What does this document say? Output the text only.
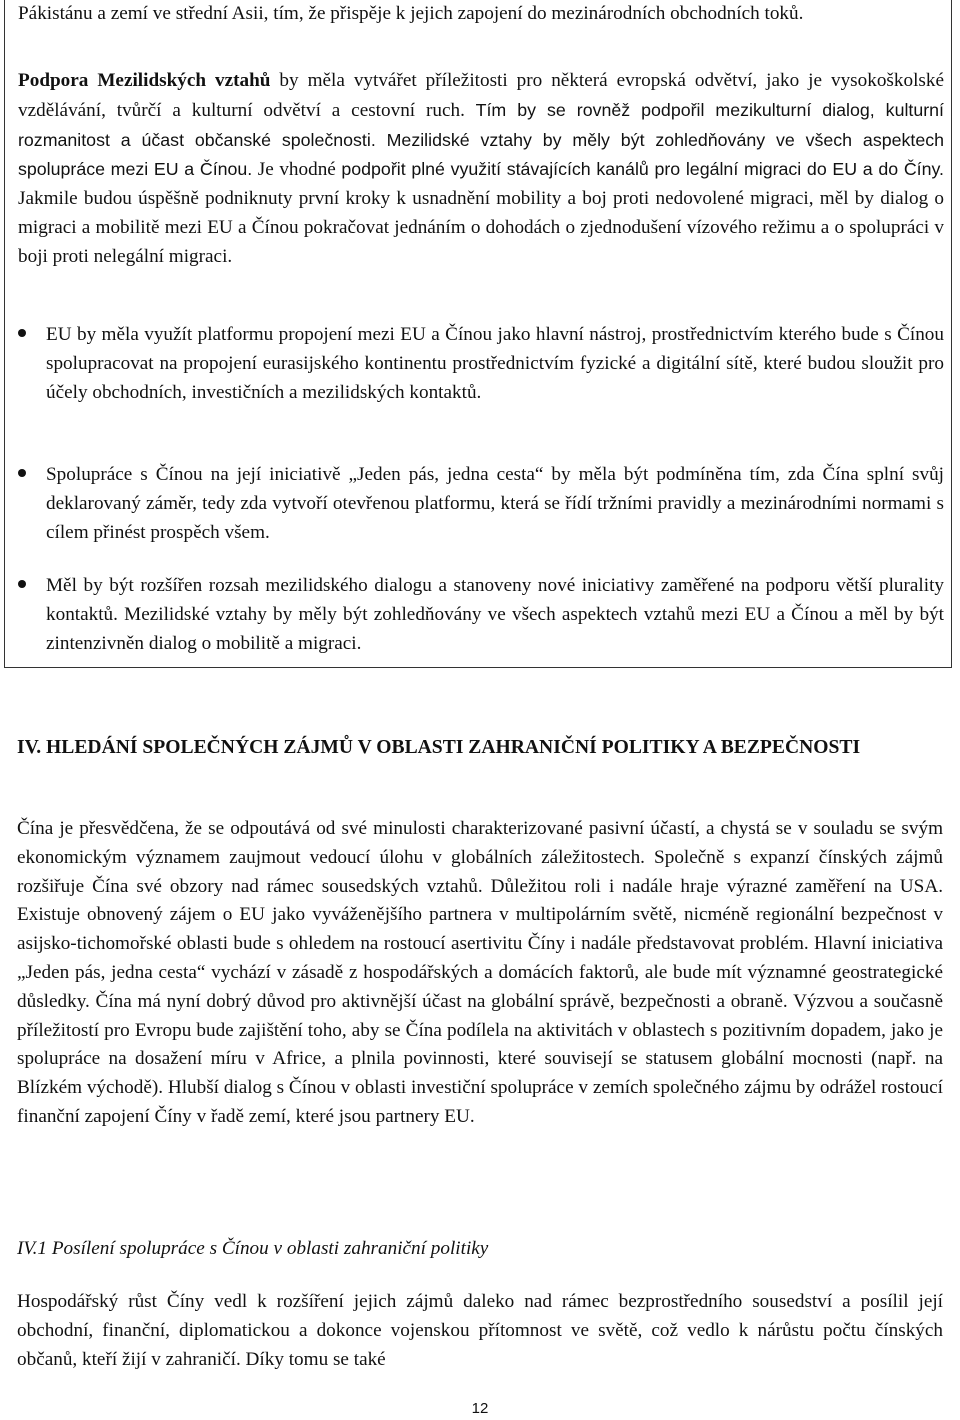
Pákistánu a zemí ve střední Asii, tím, že přispěje k jejich zapojení do mezinárodních obchodních toků.

Podpora Mezilidských vztahů by měla vytvářet příležitosti pro některá evropská odvětví, jako je vysokoškolské vzdělávání, tvůrčí a kulturní odvětví a cestovní ruch. Tím by se rovněž podpořil mezikulturní dialog, kulturní rozmanitost a účast občanské společnosti. Mezilidské vztahy by měly být zohledňovány ve všech aspektech spolupráce mezi EU a Čínou. Je vhodné podpořit plné využití stávajících kanálů pro legální migraci do EU a do Číny. Jakmile budou úspěšně podniknuty první kroky k usnadnění mobility a boj proti nedovolené migraci, měl by dialog o migraci a mobilitě mezi EU a Čínou pokračovat jednáním o dohodách o zjednodušení vízového režimu a o spolupráci v boji proti nelegální migraci.

EU by měla využít platformu propojení mezi EU a Čínou jako hlavní nástroj, prostřednictvím kterého bude s Čínou spolupracovat na propojení eurasijského kontinentu prostřednictvím fyzické a digitální sítě, které budou sloužit pro účely obchodních, investičních a mezilidských kontaktů.

Spolupráce s Čínou na její iniciativě „Jeden pás, jedna cesta“ by měla být podmíněna tím, zda Čína splní svůj deklarovaný záměr, tedy zda vytvoří otevřenou platformu, která se řídí tržními pravidly a mezinárodními normami s cílem přinést prospěch všem.

Měl by být rozšířen rozsah mezilidského dialogu a stanoveny nové iniciativy zaměřené na podporu větší plurality kontaktů. Mezilidské vztahy by měly být zohledňovány ve všech aspektech vztahů mezi EU a Čínou a měl by být zintenzivněn dialog o mobilitě a migraci.

IV. HLEDÁNÍ SPOLEČNÝCH ZÁJMŮ V OBLASTI ZAHRANIČNÍ POLITIKY A BEZPEČNOSTI

Čína je přesvědčena, že se odpoutává od své minulosti charakterizované pasivní účastí, a chystá se v souladu se svým ekonomickým významem zaujmout vedoucí úlohu v globálních záležitostech. Společně s expanzí čínských zájmů rozšiřuje Čína své obzory nad rámec sousedských vztahů. Důležitou roli i nadále hraje výrazné zaměření na USA. Existuje obnovený zájem o EU jako vyváženějšího partnera v multipolárním světě, nicméně regionální bezpečnost v asijsko-tichomořské oblasti bude s ohledem na rostoucí asertivitu Číny i nadále představovat problém. Hlavní iniciativa „Jeden pás, jedna cesta“ vychází v zásadě z hospodářských a domácích faktorů, ale bude mít významné geostrategické důsledky. Čína má nyní dobrý důvod pro aktivnější účast na globální správě, bezpečnosti a obraně. Výzvou a současně příležitostí pro Evropu bude zajištění toho, aby se Čína podílela na aktivitách v oblastech s pozitivním dopadem, jako je spolupráce na dosažení míru v Africe, a plnila povinnosti, které souvisejí se statusem globální mocnosti (např. na Blízkém východě). Hlubší dialog s Čínou v oblasti investiční spolupráce v zemích společného zájmu by odrážel rostoucí finanční zapojení Číny v řadě zemí, které jsou partnery EU.

IV.1 Posílení spolupráce s Čínou v oblasti zahraniční politiky

Hospodářský růst Číny vedl k rozšíření jejich zájmů daleko nad rámec bezprostředního sousedství a posílil její obchodní, finanční, diplomatickou a dokonce vojenskou přítomnost ve světě, což vedlo k nárůstu počtu čínských občanů, kteří žijí v zahraničí. Díky tomu se také

12
